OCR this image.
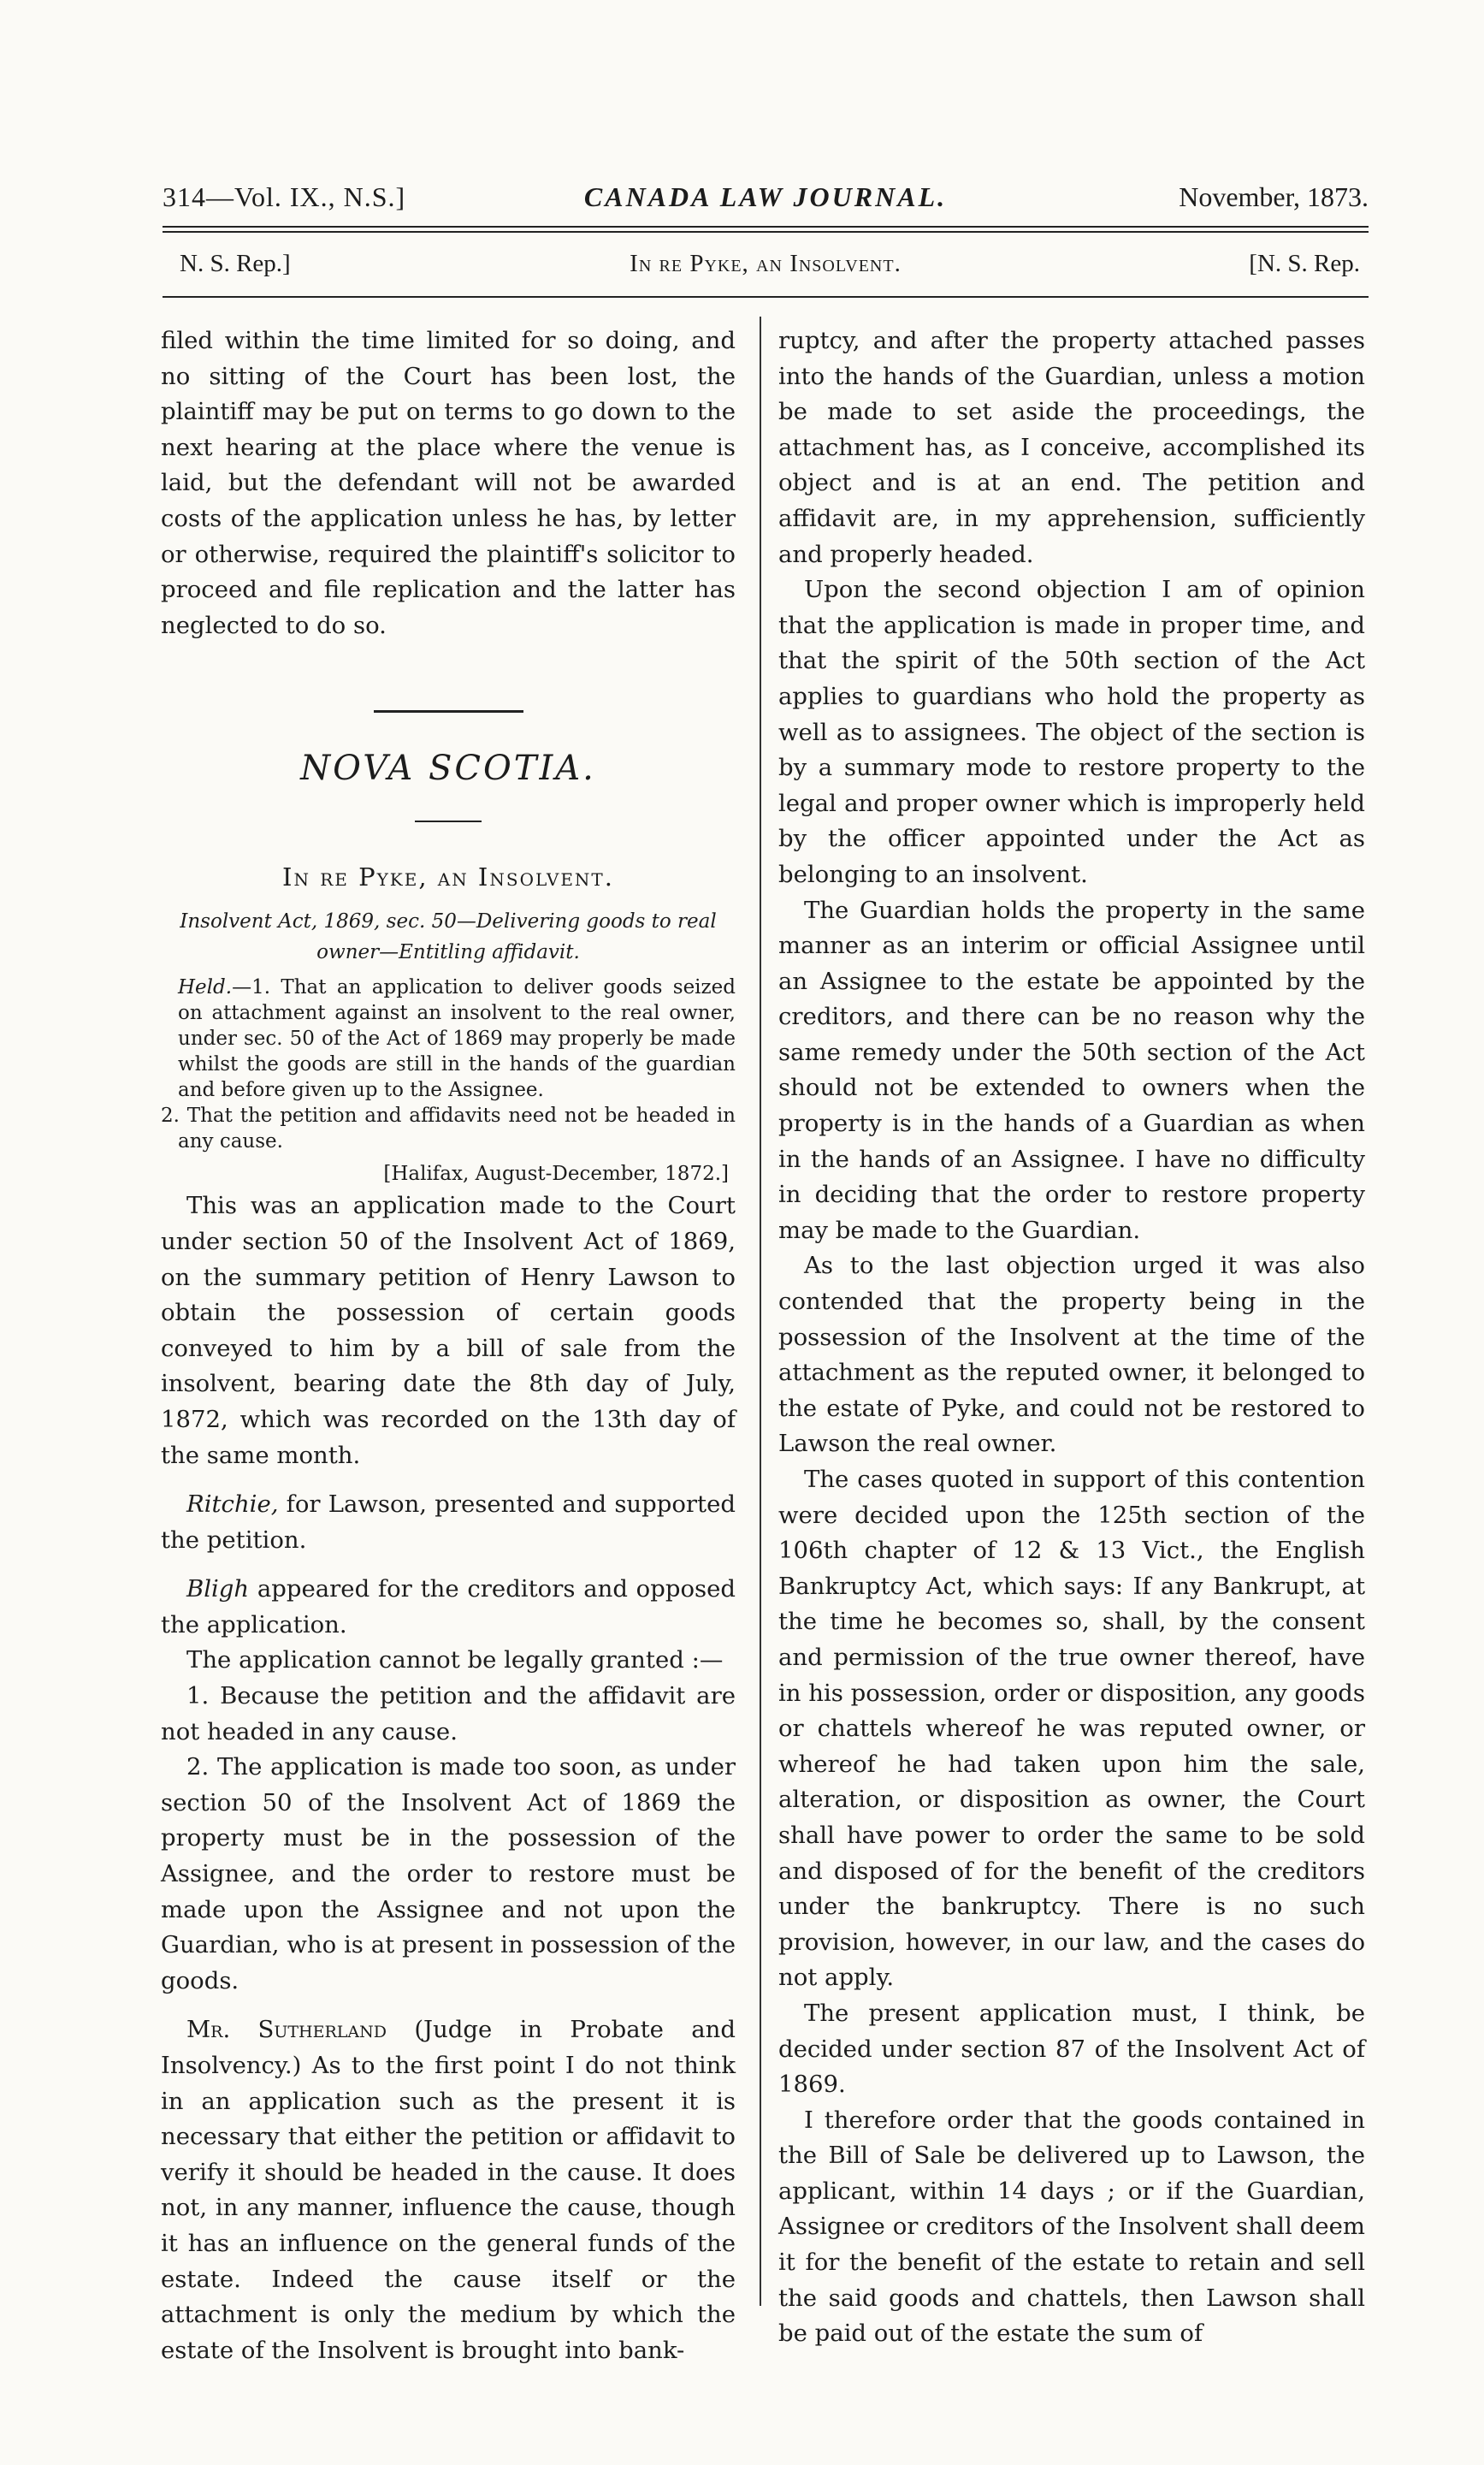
314—Vol. IX., N.S.]	CANADA LAW JOURNAL.	November, 1873.
N. S. Rep.]	In re Pyke, an Insolvent.	[N. S. Rep.

filed within the time limited for so doing, and no sitting of the Court has been lost, the plaintiff may be put on terms to go down to the next hearing at the place where the venue is laid, but the defendant will not be awarded costs of the application unless he has, by letter or otherwise, required the plaintiff's solicitor to proceed and file replication and the latter has neglected to do so.

NOVA SCOTIA.
In re Pyke, an Insolvent.
Insolvent Act, 1869, sec. 50—Delivering goods to real owner—Entitling affidavit.

Held.—1. That an application to deliver goods seized on attachment against an insolvent to the real owner, under sec. 50 of the Act of 1869 may properly be made whilst the goods are still in the hands of the guardian and before given up to the Assignee.

2. That the petition and affidavits need not be headed in any cause.

[Halifax, August-December, 1872.]

This was an application made to the Court under section 50 of the Insolvent Act of 1869, on the summary petition of Henry Lawson to obtain the possession of certain goods conveyed to him by a bill of sale from the insolvent, bearing date the 8th day of July, 1872, which was recorded on the 13th day of the same month.

Ritchie, for Lawson, presented and supported the petition.

Bligh appeared for the creditors and opposed the application.

The application cannot be legally granted :—

1. Because the petition and the affidavit are not headed in any cause.

2. The application is made too soon, as under section 50 of the Insolvent Act of 1869 the property must be in the possession of the Assignee, and the order to restore must be made upon the Assignee and not upon the Guardian, who is at present in possession of the goods.

Mr. Sutherland (Judge in Probate and Insolvency.) As to the first point I do not think in an application such as the present it is necessary that either the petition or affidavit to verify it should be headed in the cause. It does not, in any manner, influence the cause, though it has an influence on the general funds of the estate. Indeed the cause itself or the attachment is only the medium by which the estate of the Insolvent is brought into bank-

ruptcy, and after the property attached passes into the hands of the Guardian, unless a motion be made to set aside the proceedings, the attachment has, as I conceive, accomplished its object and is at an end. The petition and affidavit are, in my apprehension, sufficiently and properly headed.

Upon the second objection I am of opinion that the application is made in proper time, and that the spirit of the 50th section of the Act applies to guardians who hold the property as well as to assignees. The object of the section is by a summary mode to restore property to the legal and proper owner which is improperly held by the officer appointed under the Act as belonging to an insolvent.

The Guardian holds the property in the same manner as an interim or official Assignee until an Assignee to the estate be appointed by the creditors, and there can be no reason why the same remedy under the 50th section of the Act should not be extended to owners when the property is in the hands of a Guardian as when in the hands of an Assignee. I have no difficulty in deciding that the order to restore property may be made to the Guardian.

As to the last objection urged it was also contended that the property being in the possession of the Insolvent at the time of the attachment as the reputed owner, it belonged to the estate of Pyke, and could not be restored to Lawson the real owner.

The cases quoted in support of this contention were decided upon the 125th section of the 106th chapter of 12 & 13 Vict., the English Bankruptcy Act, which says: If any Bankrupt, at the time he becomes so, shall, by the consent and permission of the true owner thereof, have in his possession, order or disposition, any goods or chattels whereof he was reputed owner, or whereof he had taken upon him the sale, alteration, or disposition as owner, the Court shall have power to order the same to be sold and disposed of for the benefit of the creditors under the bankruptcy. There is no such provision, however, in our law, and the cases do not apply.

The present application must, I think, be decided under section 87 of the Insolvent Act of 1869.

I therefore order that the goods contained in the Bill of Sale be delivered up to Lawson, the applicant, within 14 days ; or if the Guardian, Assignee or creditors of the Insolvent shall deem it for the benefit of the estate to retain and sell the said goods and chattels, then Lawson shall be paid out of the estate the sum of
